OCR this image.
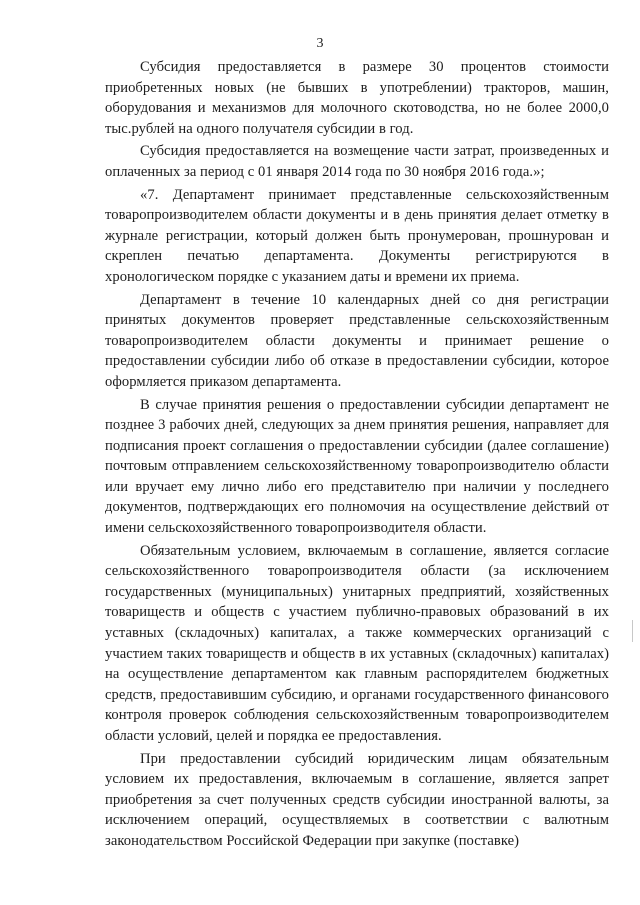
3

Субсидия предоставляется в размере 30 процентов стоимости приобретенных новых (не бывших в употреблении) тракторов, машин, оборудования и механизмов для молочного скотоводства, но не более 2000,0 тыс.рублей на одного получателя субсидии в год.

Субсидия предоставляется на возмещение части затрат, произведенных и оплаченных за период с 01 января 2014 года по 30 ноября 2016 года.»;

«7. Департамент принимает представленные сельскохозяйственным товаропроизводителем области документы и в день принятия делает отметку в журнале регистрации, который должен быть пронумерован, прошнурован и скреплен печатью департамента. Документы регистрируются в хронологическом порядке с указанием даты и времени их приема.

Департамент в течение 10 календарных дней со дня регистрации принятых документов проверяет представленные сельскохозяйственным товаропроизводителем области документы и принимает решение о предоставлении субсидии либо об отказе в предоставлении субсидии, которое оформляется приказом департамента.

В случае принятия решения о предоставлении субсидии департамент не позднее 3 рабочих дней, следующих за днем принятия решения, направляет для подписания проект соглашения о предоставлении субсидии (далее соглашение) почтовым отправлением сельскохозяйственному товаропроизводителю области или вручает ему лично либо его представителю при наличии у последнего документов, подтверждающих его полномочия на осуществление действий от имени сельскохозяйственного товаропроизводителя области.

Обязательным условием, включаемым в соглашение, является согласие сельскохозяйственного товаропроизводителя области (за исключением государственных (муниципальных) унитарных предприятий, хозяйственных товариществ и обществ с участием публично-правовых образований в их уставных (складочных) капиталах, а также коммерческих организаций с участием таких товариществ и обществ в их уставных (складочных) капиталах) на осуществление департаментом как главным распорядителем бюджетных средств, предоставившим субсидию, и органами государственного финансового контроля проверок соблюдения сельскохозяйственным товаропроизводителем области условий, целей и порядка ее предоставления.

При предоставлении субсидий юридическим лицам обязательным условием их предоставления, включаемым в соглашение, является запрет приобретения за счет полученных средств субсидии иностранной валюты, за исключением операций, осуществляемых в соответствии с валютным законодательством Российской Федерации при закупке (поставке)
